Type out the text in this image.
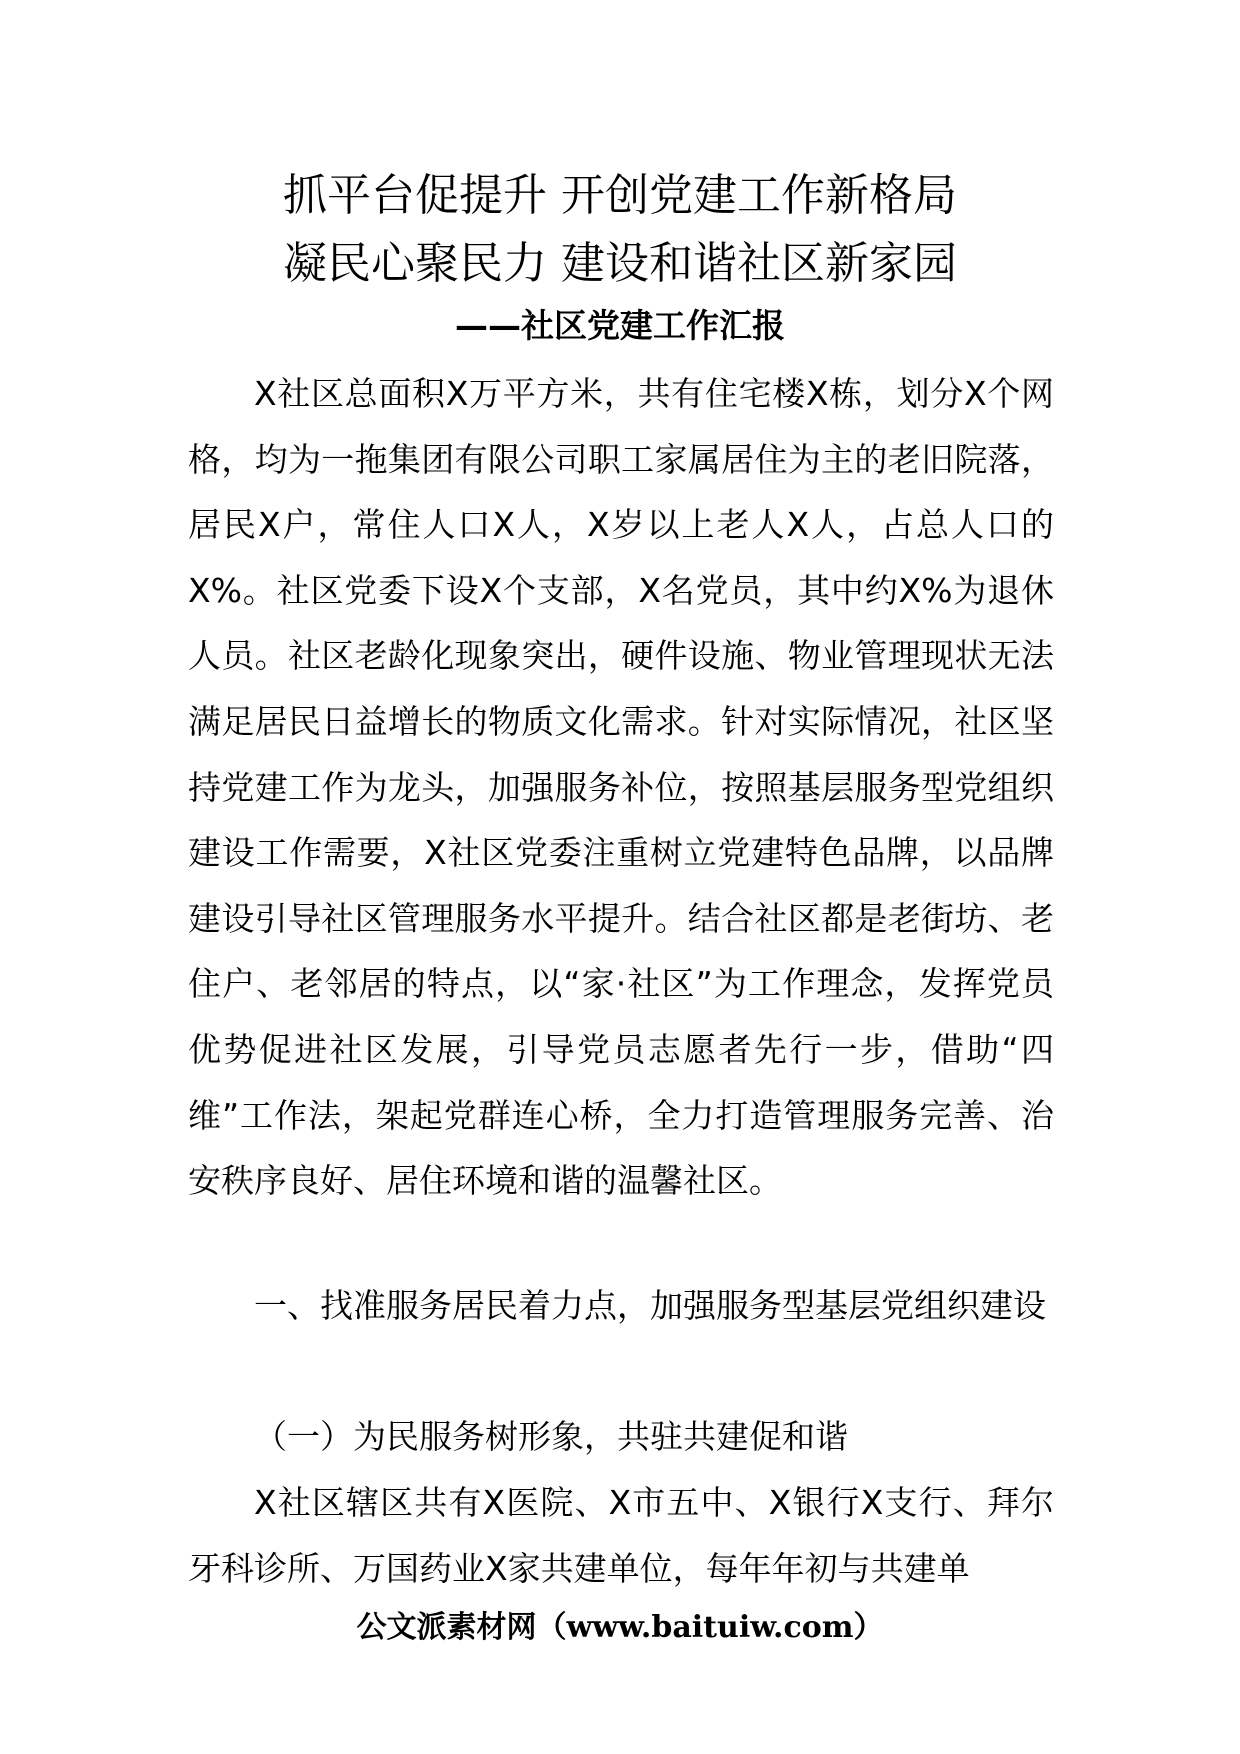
抓平台促提升 开创党建工作新格局
凝民心聚民力 建设和谐社区新家园
——社区党建工作汇报

X社区总面积X万平方米，共有住宅楼X栋，划分X个网格，均为一拖集团有限公司职工家属居住为主的老旧院落，居民X户，常住人口X人，X岁以上老人X人，占总人口的X%。社区党委下设X个支部，X名党员，其中约X%为退休人员。社区老龄化现象突出，硬件设施、物业管理现状无法满足居民日益增长的物质文化需求。针对实际情况，社区坚持党建工作为龙头，加强服务补位，按照基层服务型党组织建设工作需要，X社区党委注重树立党建特色品牌，以品牌建设引导社区管理服务水平提升。结合社区都是老街坊、老住户、老邻居的特点，以“家·社区”为工作理念，发挥党员优势促进社区发展，引导党员志愿者先行一步，借助“四维”工作法，架起党群连心桥，全力打造管理服务完善、治安秩序良好、居住环境和谐的温馨社区。

一、找准服务居民着力点，加强服务型基层党组织建设

（一）为民服务树形象，共驻共建促和谐

X社区辖区共有X医院、X市五中、X银行X支行、拜尔牙科诊所、万国药业X家共建单位，每年年初与共建单

公文派素材网（www.baituiw.com）
